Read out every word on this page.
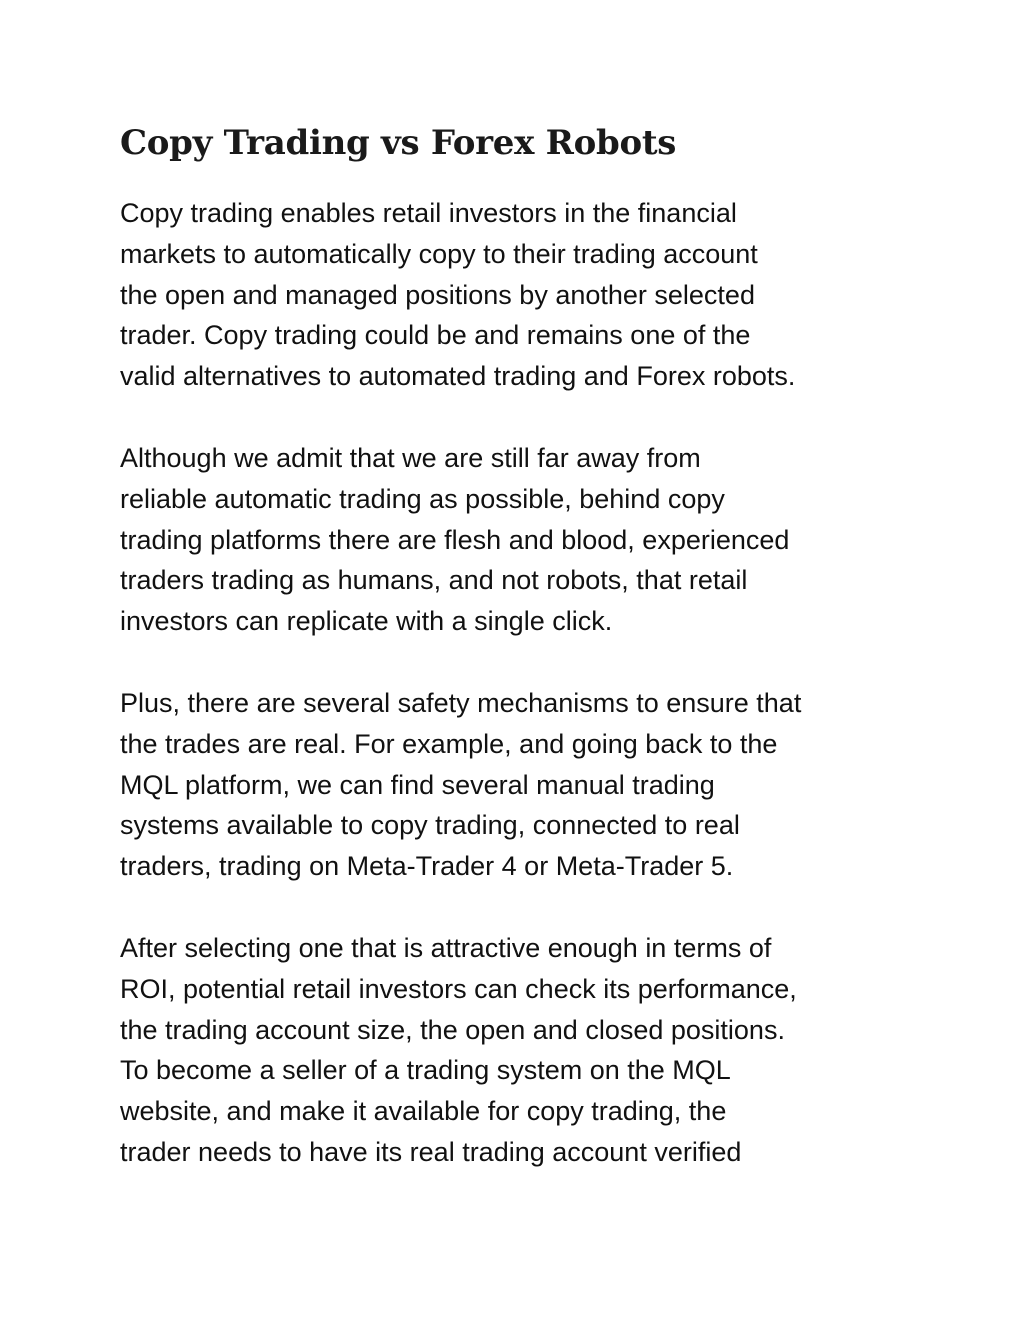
Copy Trading vs Forex Robots

Copy trading enables retail investors in the financial
markets to automatically copy to their trading account
the open and managed positions by another selected
trader. Copy trading could be and remains one of the
valid alternatives to automated trading and Forex robots.

Although we admit that we are still far away from
reliable automatic trading as possible, behind copy
trading platforms there are flesh and blood, experienced
traders trading as humans, and not robots, that retail
investors can replicate with a single click.

Plus, there are several safety mechanisms to ensure that
the trades are real. For example, and going back to the
MQL platform, we can find several manual trading
systems available to copy trading, connected to real
traders, trading on Meta-Trader 4 or Meta-Trader 5.

After selecting one that is attractive enough in terms of
ROI, potential retail investors can check its performance,
the trading account size, the open and closed positions.
To become a seller of a trading system on the MQL
website, and make it available for copy trading, the
trader needs to have its real trading account verified
